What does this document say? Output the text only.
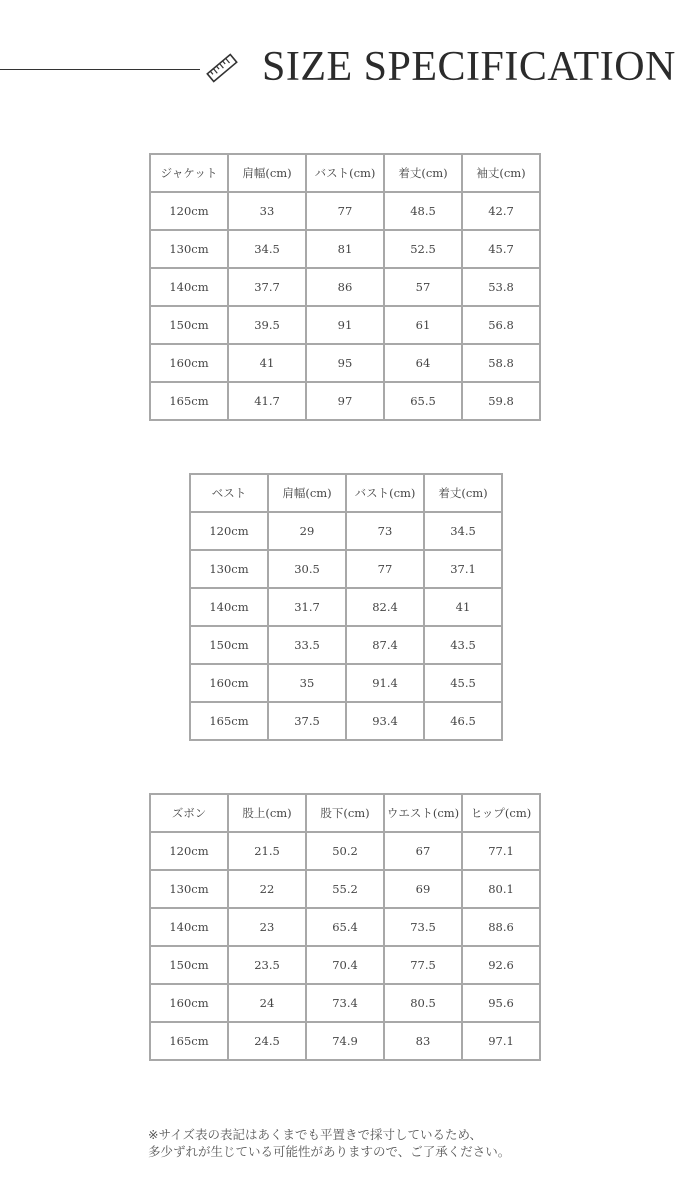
SIZE SPECIFICATION
ジャケット	肩幅(cm)	バスト(cm)	着丈(cm)	袖丈(cm)
120cm	33	77	48.5	42.7
130cm	34.5	81	52.5	45.7
140cm	37.7	86	57	53.8
150cm	39.5	91	61	56.8
160cm	41	95	64	58.8
165cm	41.7	97	65.5	59.8
ベスト	肩幅(cm)	バスト(cm)	着丈(cm)
120cm	29	73	34.5
130cm	30.5	77	37.1
140cm	31.7	82.4	41
150cm	33.5	87.4	43.5
160cm	35	91.4	45.5
165cm	37.5	93.4	46.5
ズボン	股上(cm)	股下(cm)	ウエスト(cm)	ヒップ(cm)
120cm	21.5	50.2	67	77.1
130cm	22	55.2	69	80.1
140cm	23	65.4	73.5	88.6
150cm	23.5	70.4	77.5	92.6
160cm	24	73.4	80.5	95.6
165cm	24.5	74.9	83	97.1
※サイズ表の表記はあくまでも平置きで採寸しているため、
多少ずれが生じている可能性がありますので、ご了承ください。
